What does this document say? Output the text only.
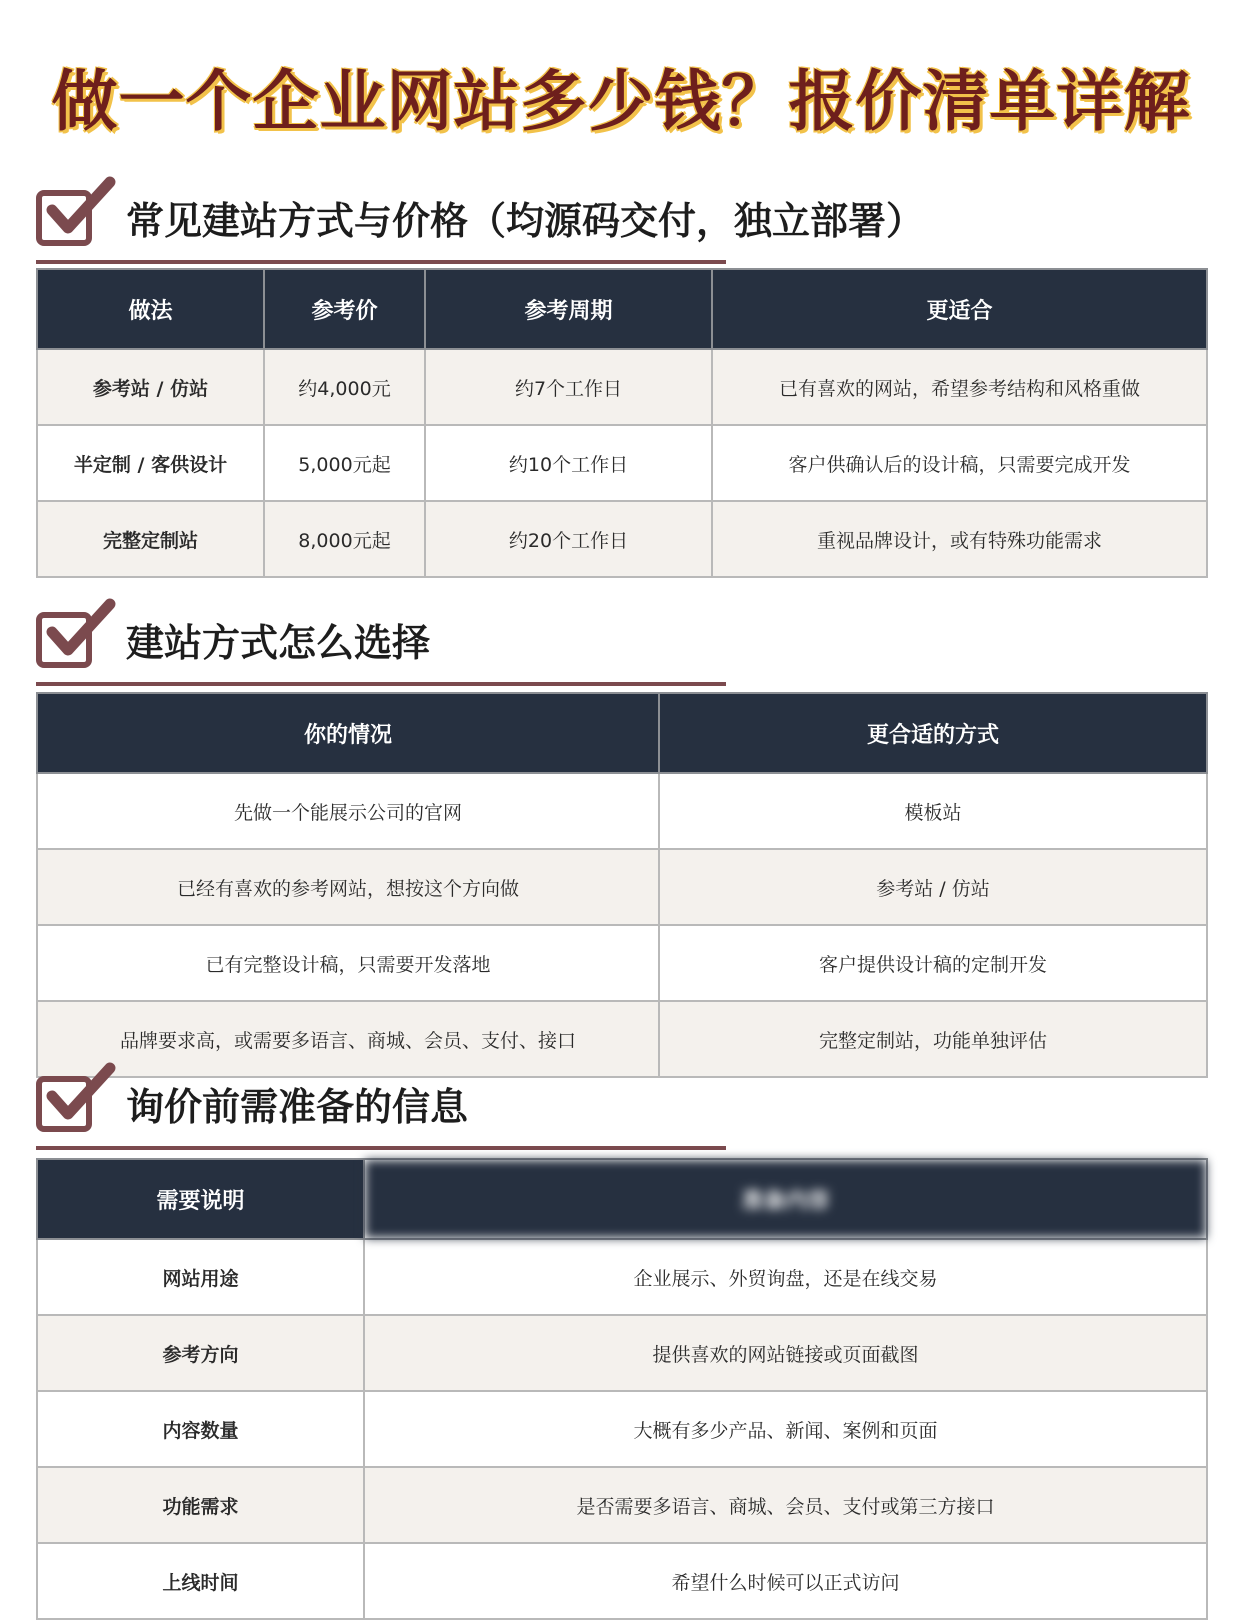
做一个企业网站多少钱？报价清单详解
常见建站方式与价格（均源码交付，独立部署）
做法	参考价	参考周期	更适合
参考站 / 仿站	约4,000元	约7个工作日	已有喜欢的网站，希望参考结构和风格重做
半定制 / 客供设计	5,000元起	约10个工作日	客户供确认后的设计稿，只需要完成开发
完整定制站	8,000元起	约20个工作日	重视品牌设计，或有特殊功能需求
建站方式怎么选择
你的情况	更合适的方式
先做一个能展示公司的官网	模板站
已经有喜欢的参考网站，想按这个方向做	参考站 / 仿站
已有完整设计稿，只需要开发落地	客户提供设计稿的定制开发
品牌要求高，或需要多语言、商城、会员、支付、接口	完整定制站，功能单独评估
询价前需准备的信息
需要说明	准备内容
网站用途	企业展示、外贸询盘，还是在线交易
参考方向	提供喜欢的网站链接或页面截图
内容数量	大概有多少产品、新闻、案例和页面
功能需求	是否需要多语言、商城、会员、支付或第三方接口
上线时间	希望什么时候可以正式访问
